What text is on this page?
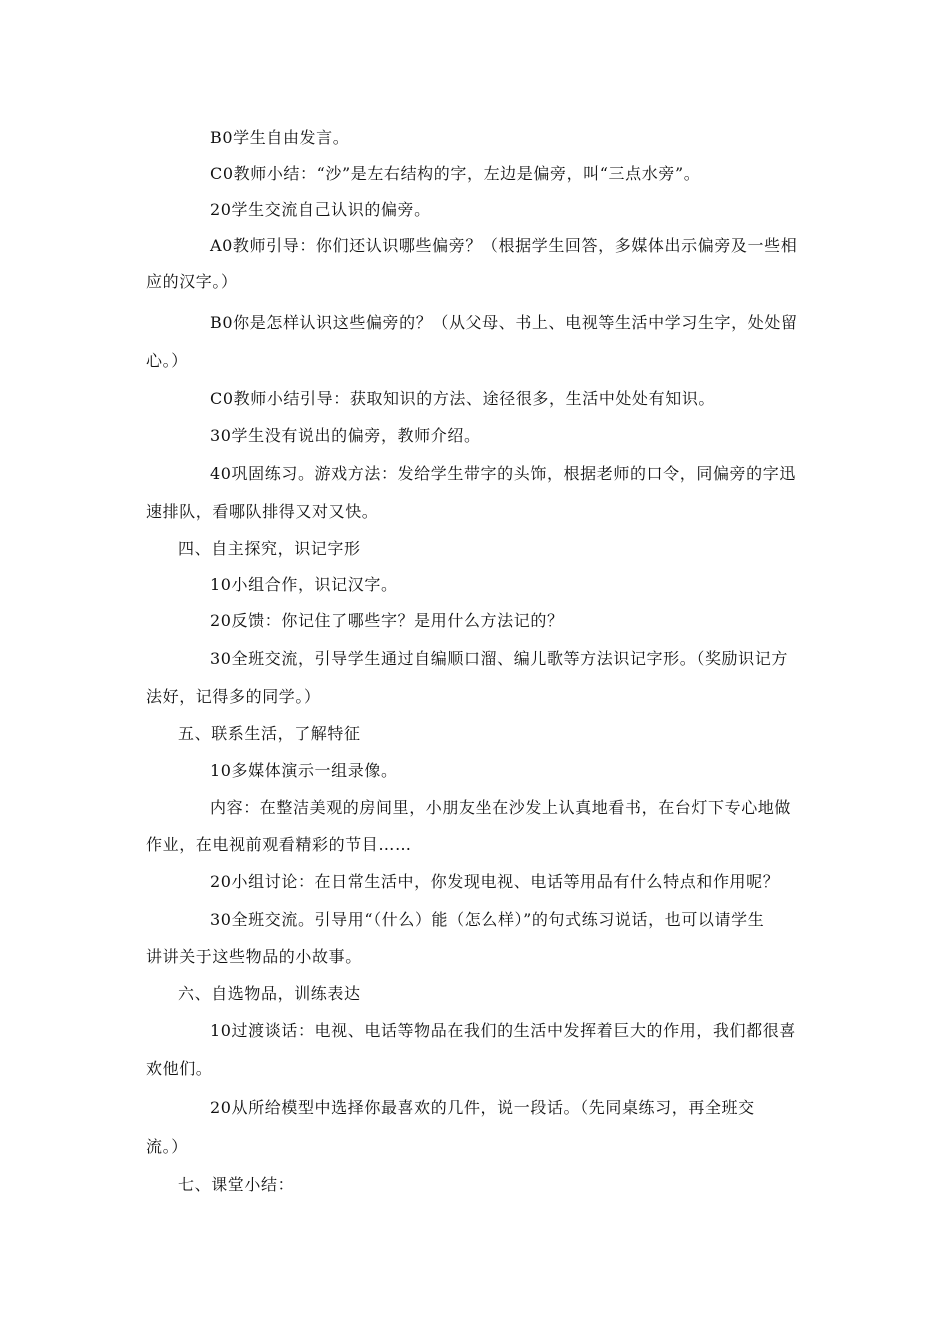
B0学生自由发言。
C0教师小结：“沙”是左右结构的字，左边是偏旁，叫“三点水旁”。
20学生交流自己认识的偏旁。
A0教师引导：你们还认识哪些偏旁？（根据学生回答，多媒体出示偏旁及一些相
应的汉字。）
B0你是怎样认识这些偏旁的？（从父母、书上、电视等生活中学习生字，处处留
心。）
C0教师小结引导：获取知识的方法、途径很多，生活中处处有知识。
30学生没有说出的偏旁，教师介绍。
40巩固练习。游戏方法：发给学生带字的头饰，根据老师的口令，同偏旁的字迅
速排队，看哪队排得又对又快。
四、自主探究，识记字形
10小组合作，识记汉字。
20反馈：你记住了哪些字？是用什么方法记的？
30全班交流，引导学生通过自编顺口溜、编儿歌等方法识记字形。（奖励识记方
法好，记得多的同学。）
五、联系生活，了解特征
10多媒体演示一组录像。
内容：在整洁美观的房间里，小朋友坐在沙发上认真地看书，在台灯下专心地做
作业，在电视前观看精彩的节目……
20小组讨论：在日常生活中，你发现电视、电话等用品有什么特点和作用呢？
30全班交流。引导用“（什么）能（怎么样）”的句式练习说话，也可以请学生
讲讲关于这些物品的小故事。
六、自选物品，训练表达
10过渡谈话：电视、电话等物品在我们的生活中发挥着巨大的作用，我们都很喜
欢他们。
20从所给模型中选择你最喜欢的几件，说一段话。（先同桌练习，再全班交
流。）
七、课堂小结：
